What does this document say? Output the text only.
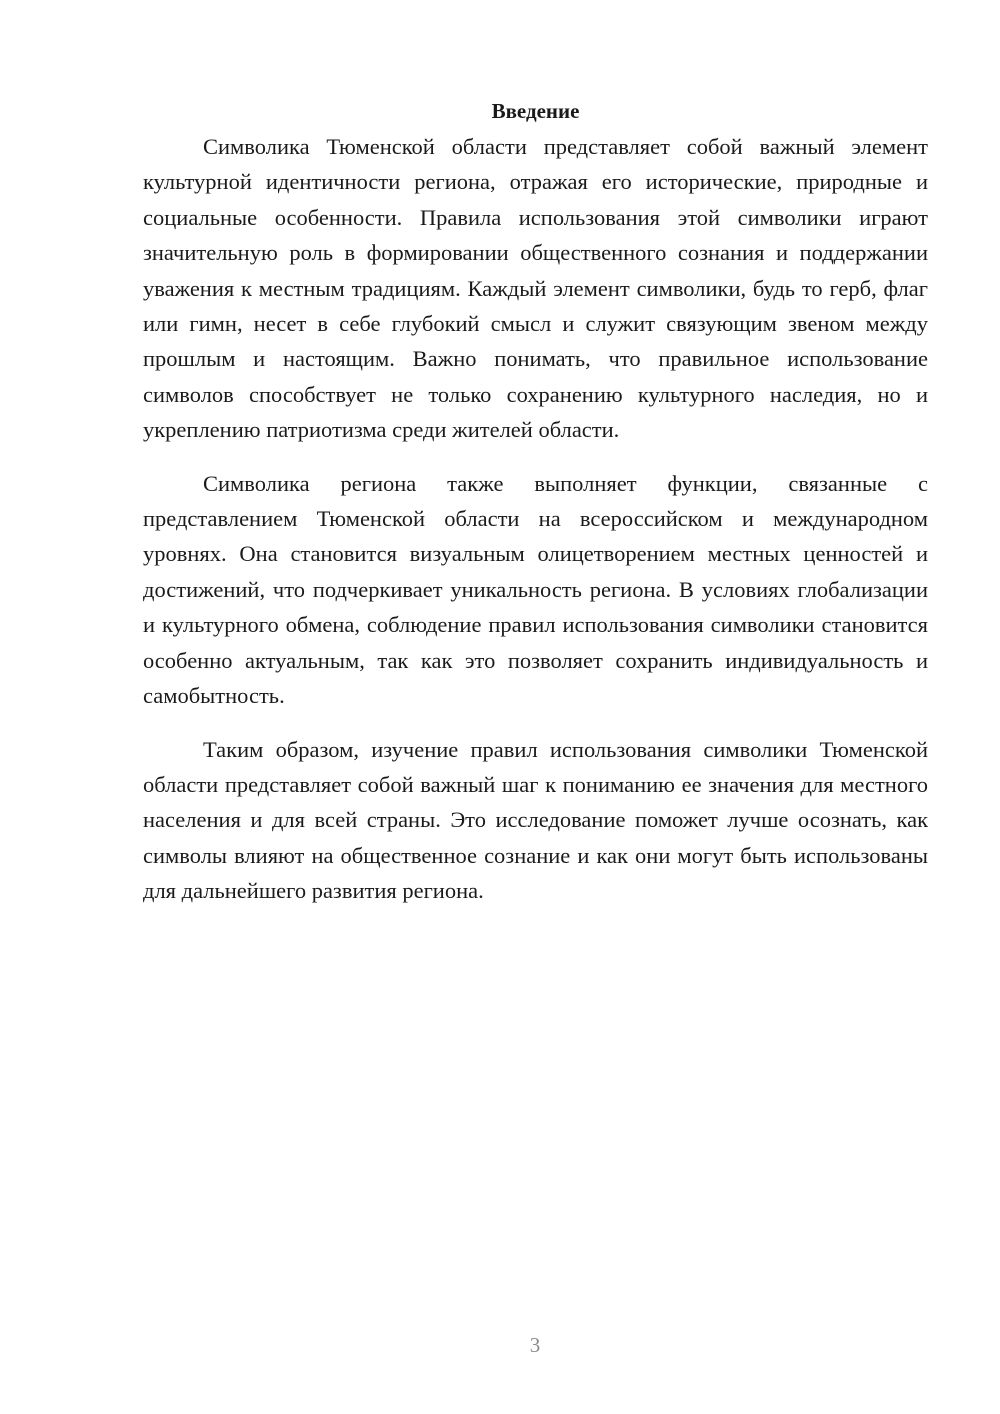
Введение

Символика Тюменской области представляет собой важный элемент культурной идентичности региона, отражая его исторические, природные и социальные особенности. Правила использования этой символики играют значительную роль в формировании общественного сознания и поддержании уважения к местным традициям. Каждый элемент символики, будь то герб, флаг или гимн, несет в себе глубокий смысл и служит связующим звеном между прошлым и настоящим. Важно понимать, что правильное использование символов способствует не только сохранению культурного наследия, но и укреплению патриотизма среди жителей области.

Символика региона также выполняет функции, связанные с представлением Тюменской области на всероссийском и международном уровнях. Она становится визуальным олицетворением местных ценностей и достижений, что подчеркивает уникальность региона. В условиях глобализации и культурного обмена, соблюдение правил использования символики становится особенно актуальным, так как это позволяет сохранить индивидуальность и самобытность.

Таким образом, изучение правил использования символики Тюменской области представляет собой важный шаг к пониманию ее значения для местного населения и для всей страны. Это исследование поможет лучше осознать, как символы влияют на общественное сознание и как они могут быть использованы для дальнейшего развития региона.

3
